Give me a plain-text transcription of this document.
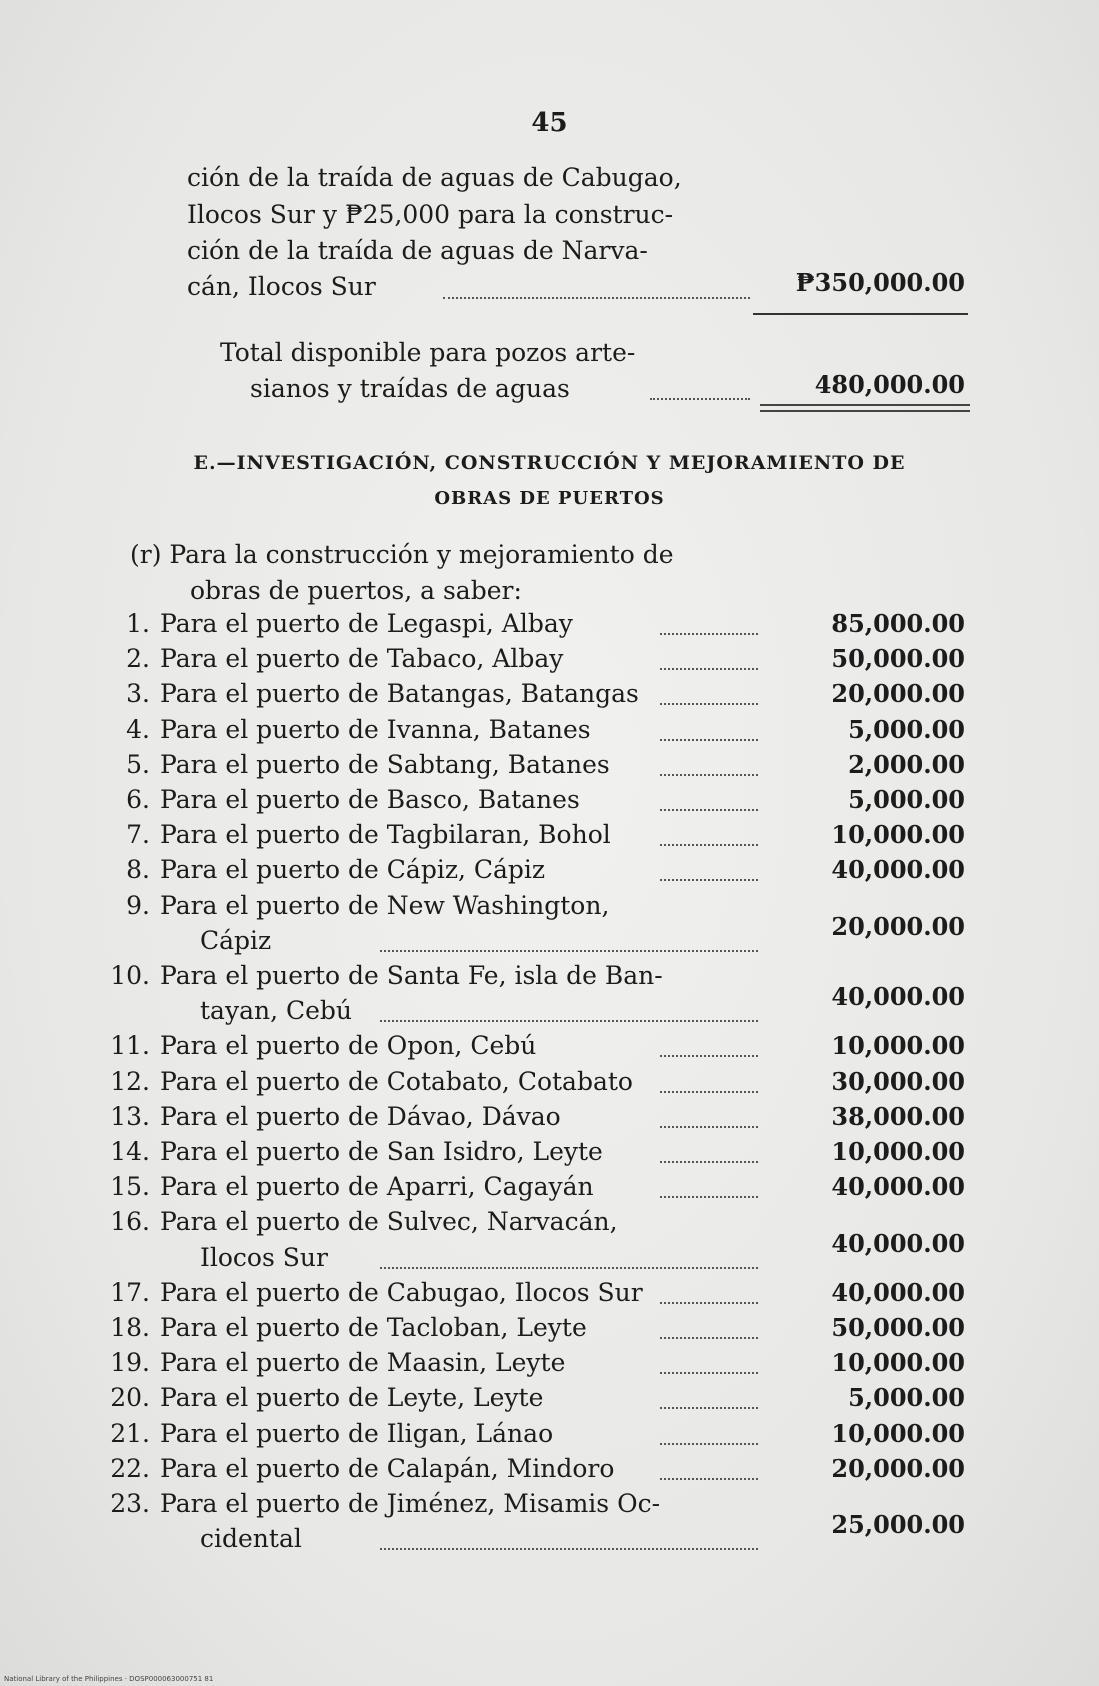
45
ción de la traída de aguas de Cabugao,
Ilocos Sur y ₱25,000 para la construc-
ción de la traída de aguas de Narva-
cán, Ilocos Sur	₱350,000.00
Total disponible para pozos arte-
sianos y traídas de aguas	480,000.00
E.—INVESTIGACIÓN, CONSTRUCCIÓN Y MEJORAMIENTO DE
OBRAS DE PUERTOS
(r) Para la construcción y mejoramiento de
obras de puertos, a saber:
1. Para el puerto de Legaspi, Albay	85,000.00
2. Para el puerto de Tabaco, Albay	50,000.00
3. Para el puerto de Batangas, Batangas	20,000.00
4. Para el puerto de Ivanna, Batanes	5,000.00
5. Para el puerto de Sabtang, Batanes	2,000.00
6. Para el puerto de Basco, Batanes	5,000.00
7. Para el puerto de Tagbilaran, Bohol	10,000.00
8. Para el puerto de Cápiz, Cápiz	40,000.00
9. Para el puerto de New Washington,
Cápiz	20,000.00
10. Para el puerto de Santa Fe, isla de Ban-
tayan, Cebú	40,000.00
11. Para el puerto de Opon, Cebú	10,000.00
12. Para el puerto de Cotabato, Cotabato	30,000.00
13. Para el puerto de Dávao, Dávao	38,000.00
14. Para el puerto de San Isidro, Leyte	10,000.00
15. Para el puerto de Aparri, Cagayán	40,000.00
16. Para el puerto de Sulvec, Narvacán,
Ilocos Sur	40,000.00
17. Para el puerto de Cabugao, Ilocos Sur	40,000.00
18. Para el puerto de Tacloban, Leyte	50,000.00
19. Para el puerto de Maasin, Leyte	10,000.00
20. Para el puerto de Leyte, Leyte	5,000.00
21. Para el puerto de Iligan, Lánao	10,000.00
22. Para el puerto de Calapán, Mindoro	20,000.00
23. Para el puerto de Jiménez, Misamis Oc-
cidental	25,000.00
National Library of the Philippines · DOSP000063000751 81
